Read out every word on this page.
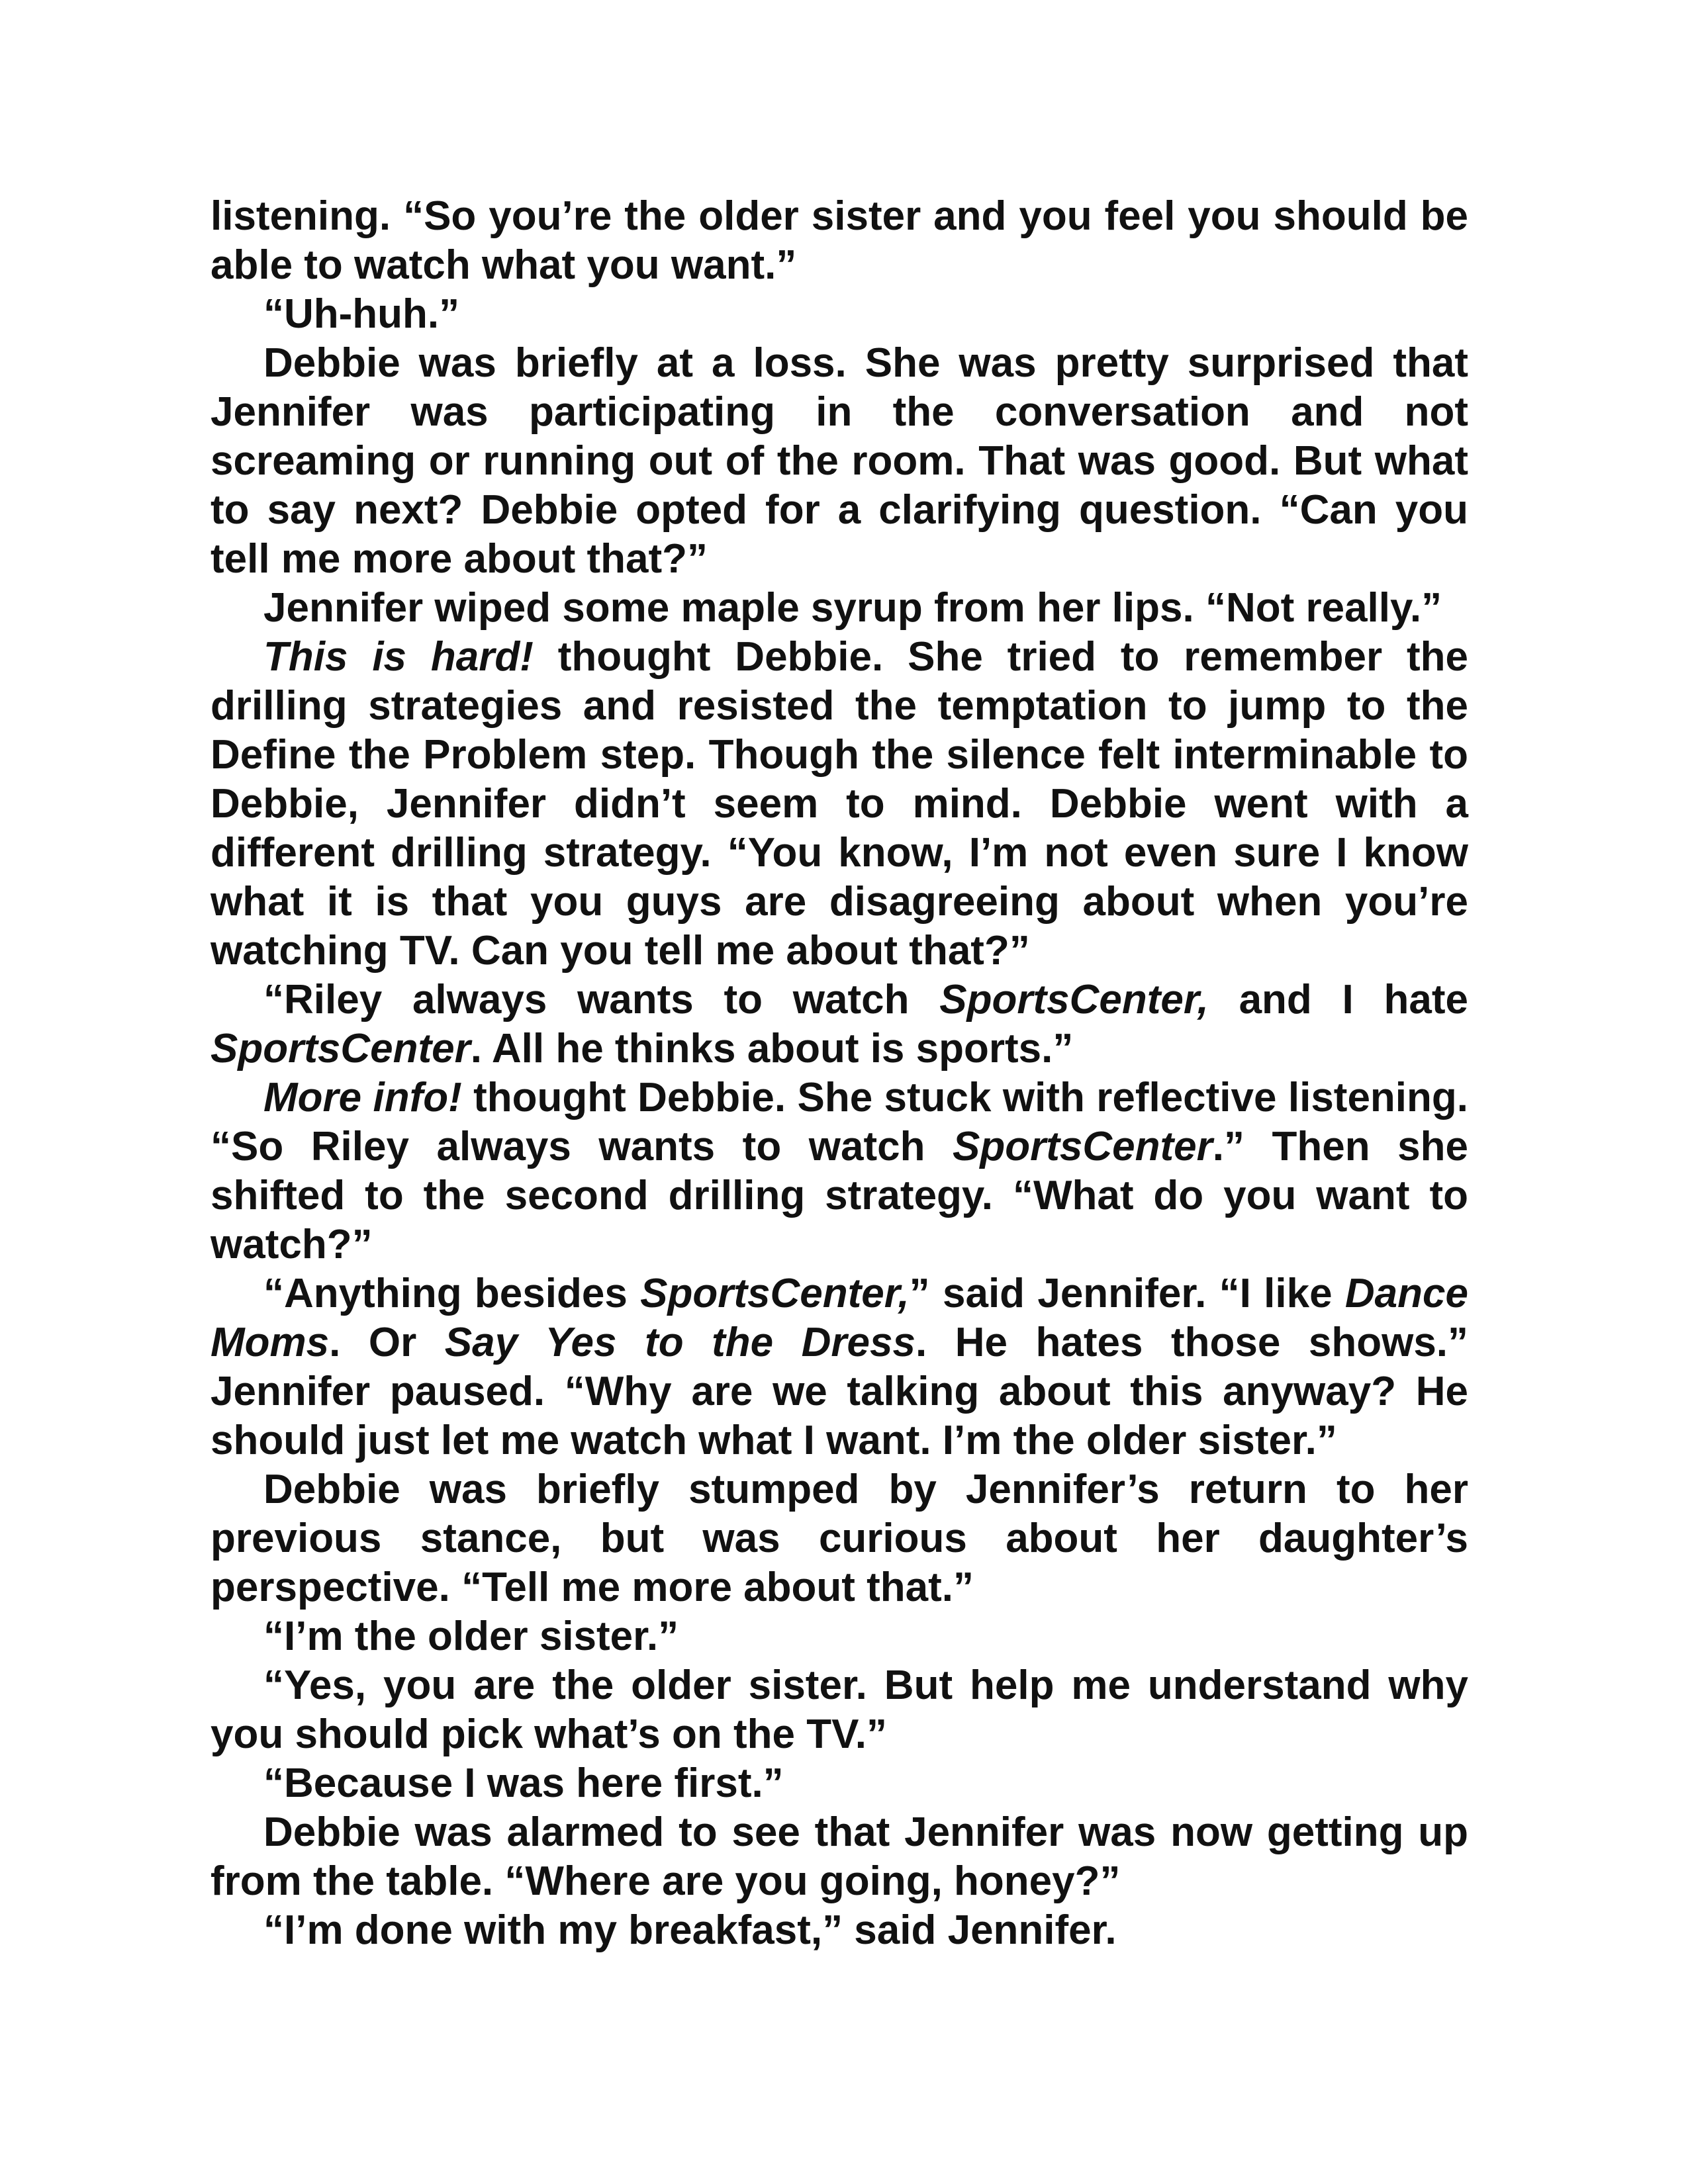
listening. “So you’re the older sister and you feel you should be able to watch what you want.”

“Uh-huh.”

Debbie was briefly at a loss. She was pretty surprised that Jennifer was participating in the conversation and not screaming or running out of the room. That was good. But what to say next? Debbie opted for a clarifying question. “Can you tell me more about that?”

Jennifer wiped some maple syrup from her lips. “Not really.”

This is hard! thought Debbie. She tried to remember the drilling strategies and resisted the temptation to jump to the Define the Problem step. Though the silence felt interminable to Debbie, Jennifer didn’t seem to mind. Debbie went with a different drilling strategy. “You know, I’m not even sure I know what it is that you guys are disagreeing about when you’re watching TV. Can you tell me about that?”

“Riley always wants to watch SportsCenter, and I hate SportsCenter. All he thinks about is sports.”

More info! thought Debbie. She stuck with reflective listening. “So Riley always wants to watch SportsCenter.” Then she shifted to the second drilling strategy. “What do you want to watch?”

“Anything besides SportsCenter,” said Jennifer. “I like Dance Moms. Or Say Yes to the Dress. He hates those shows.” Jennifer paused. “Why are we talking about this anyway? He should just let me watch what I want. I’m the older sister.”

Debbie was briefly stumped by Jennifer’s return to her previous stance, but was curious about her daughter’s perspective. “Tell me more about that.”

“I’m the older sister.”

“Yes, you are the older sister. But help me understand why you should pick what’s on the TV.”

“Because I was here first.”

Debbie was alarmed to see that Jennifer was now getting up from the table. “Where are you going, honey?”

“I’m done with my breakfast,” said Jennifer.
